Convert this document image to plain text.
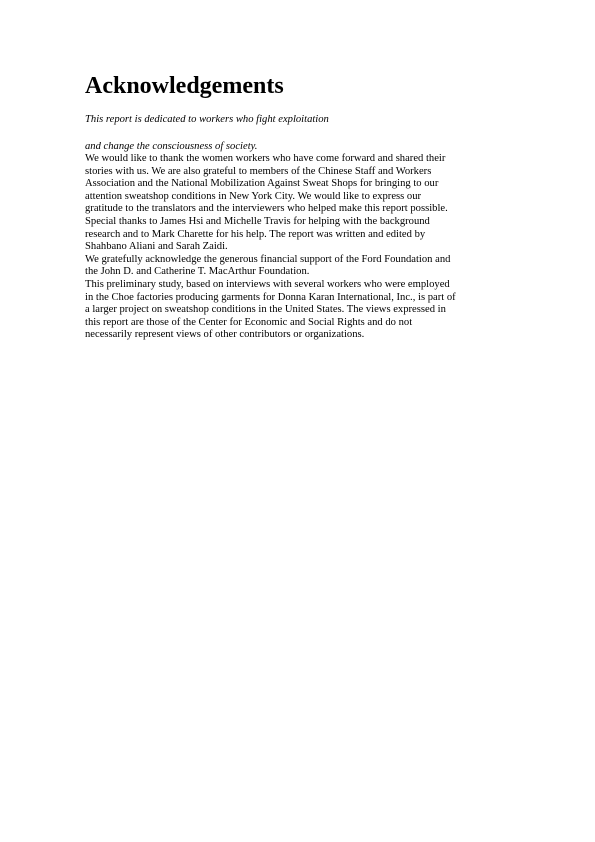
Acknowledgements

This report is dedicated to workers who fight exploitation

and change the consciousness of society.

We would like to thank the women workers who have come forward and shared their
stories with us. We are also grateful to members of the Chinese Staff and Workers
Association and the National Mobilization Against Sweat Shops for bringing to our
attention sweatshop conditions in New York City. We would like to express our
gratitude to the translators and the interviewers who helped make this report possible.
Special thanks to James Hsi and Michelle Travis for helping with the background
research and to Mark Charette for his help. The report was written and edited by
Shahbano Aliani and Sarah Zaidi.

We gratefully acknowledge the generous financial support of the Ford Foundation and
the John D. and Catherine T. MacArthur Foundation.

This preliminary study, based on interviews with several workers who were employed
in the Choe factories producing garments for Donna Karan International, Inc., is part of
a larger project on sweatshop conditions in the United States. The views expressed in
this report are those of the Center for Economic and Social Rights and do not
necessarily represent views of other contributors or organizations.
